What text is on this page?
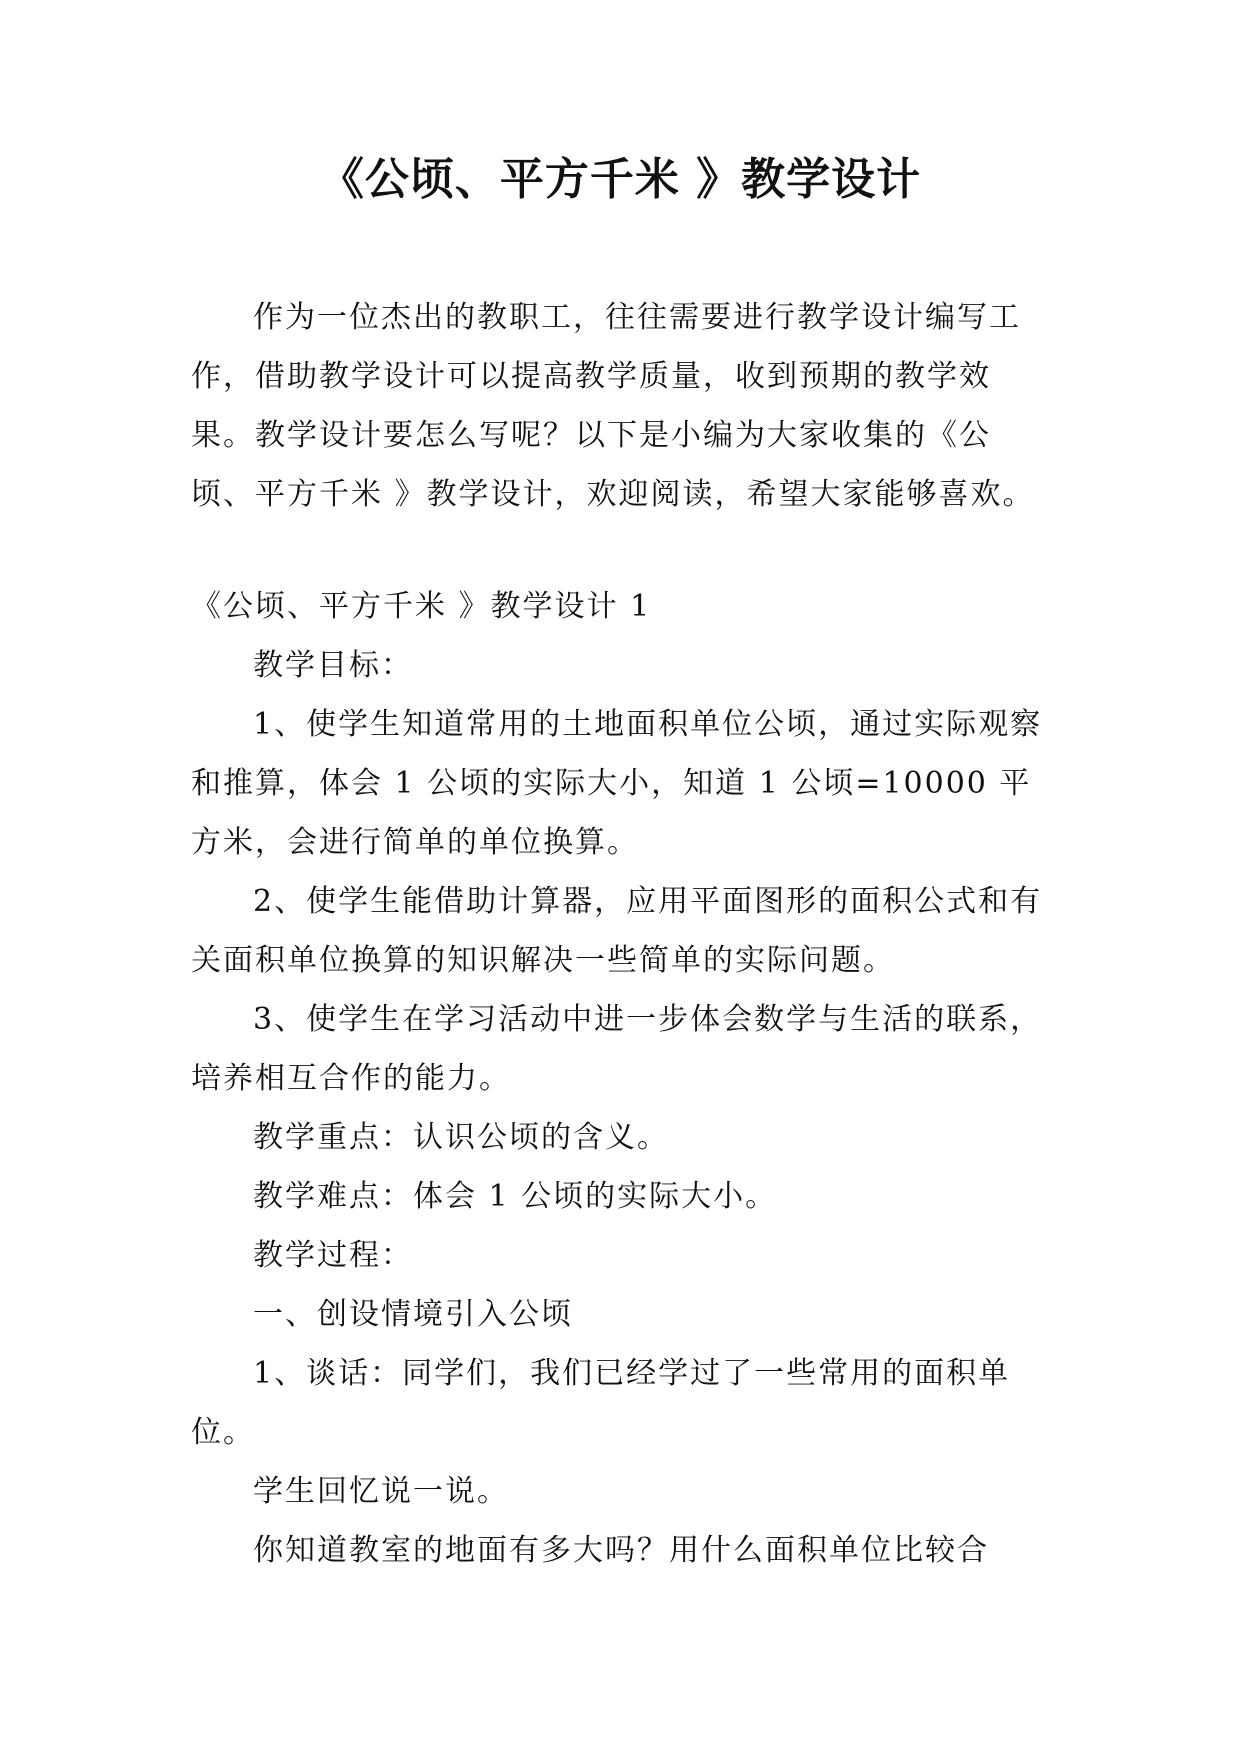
《公顷、平方千米 》教学设计

作为一位杰出的教职工，往往需要进行教学设计编写工作，借助教学设计可以提高教学质量，收到预期的教学效果。教学设计要怎么写呢？以下是小编为大家收集的《公顷、平方千米 》教学设计，欢迎阅读，希望大家能够喜欢。

《公顷、平方千米 》教学设计 1

教学目标：

1、使学生知道常用的土地面积单位公顷，通过实际观察和推算，体会 1 公顷的实际大小，知道 1 公顷=10000 平方米，会进行简单的单位换算。

2、使学生能借助计算器，应用平面图形的面积公式和有关面积单位换算的知识解决一些简单的实际问题。

3、使学生在学习活动中进一步体会数学与生活的联系，培养相互合作的能力。

教学重点：认识公顷的含义。

教学难点：体会 1 公顷的实际大小。

教学过程：

一、创设情境引入公顷

1、谈话：同学们，我们已经学过了一些常用的面积单位。

学生回忆说一说。

你知道教室的地面有多大吗？用什么面积单位比较合
